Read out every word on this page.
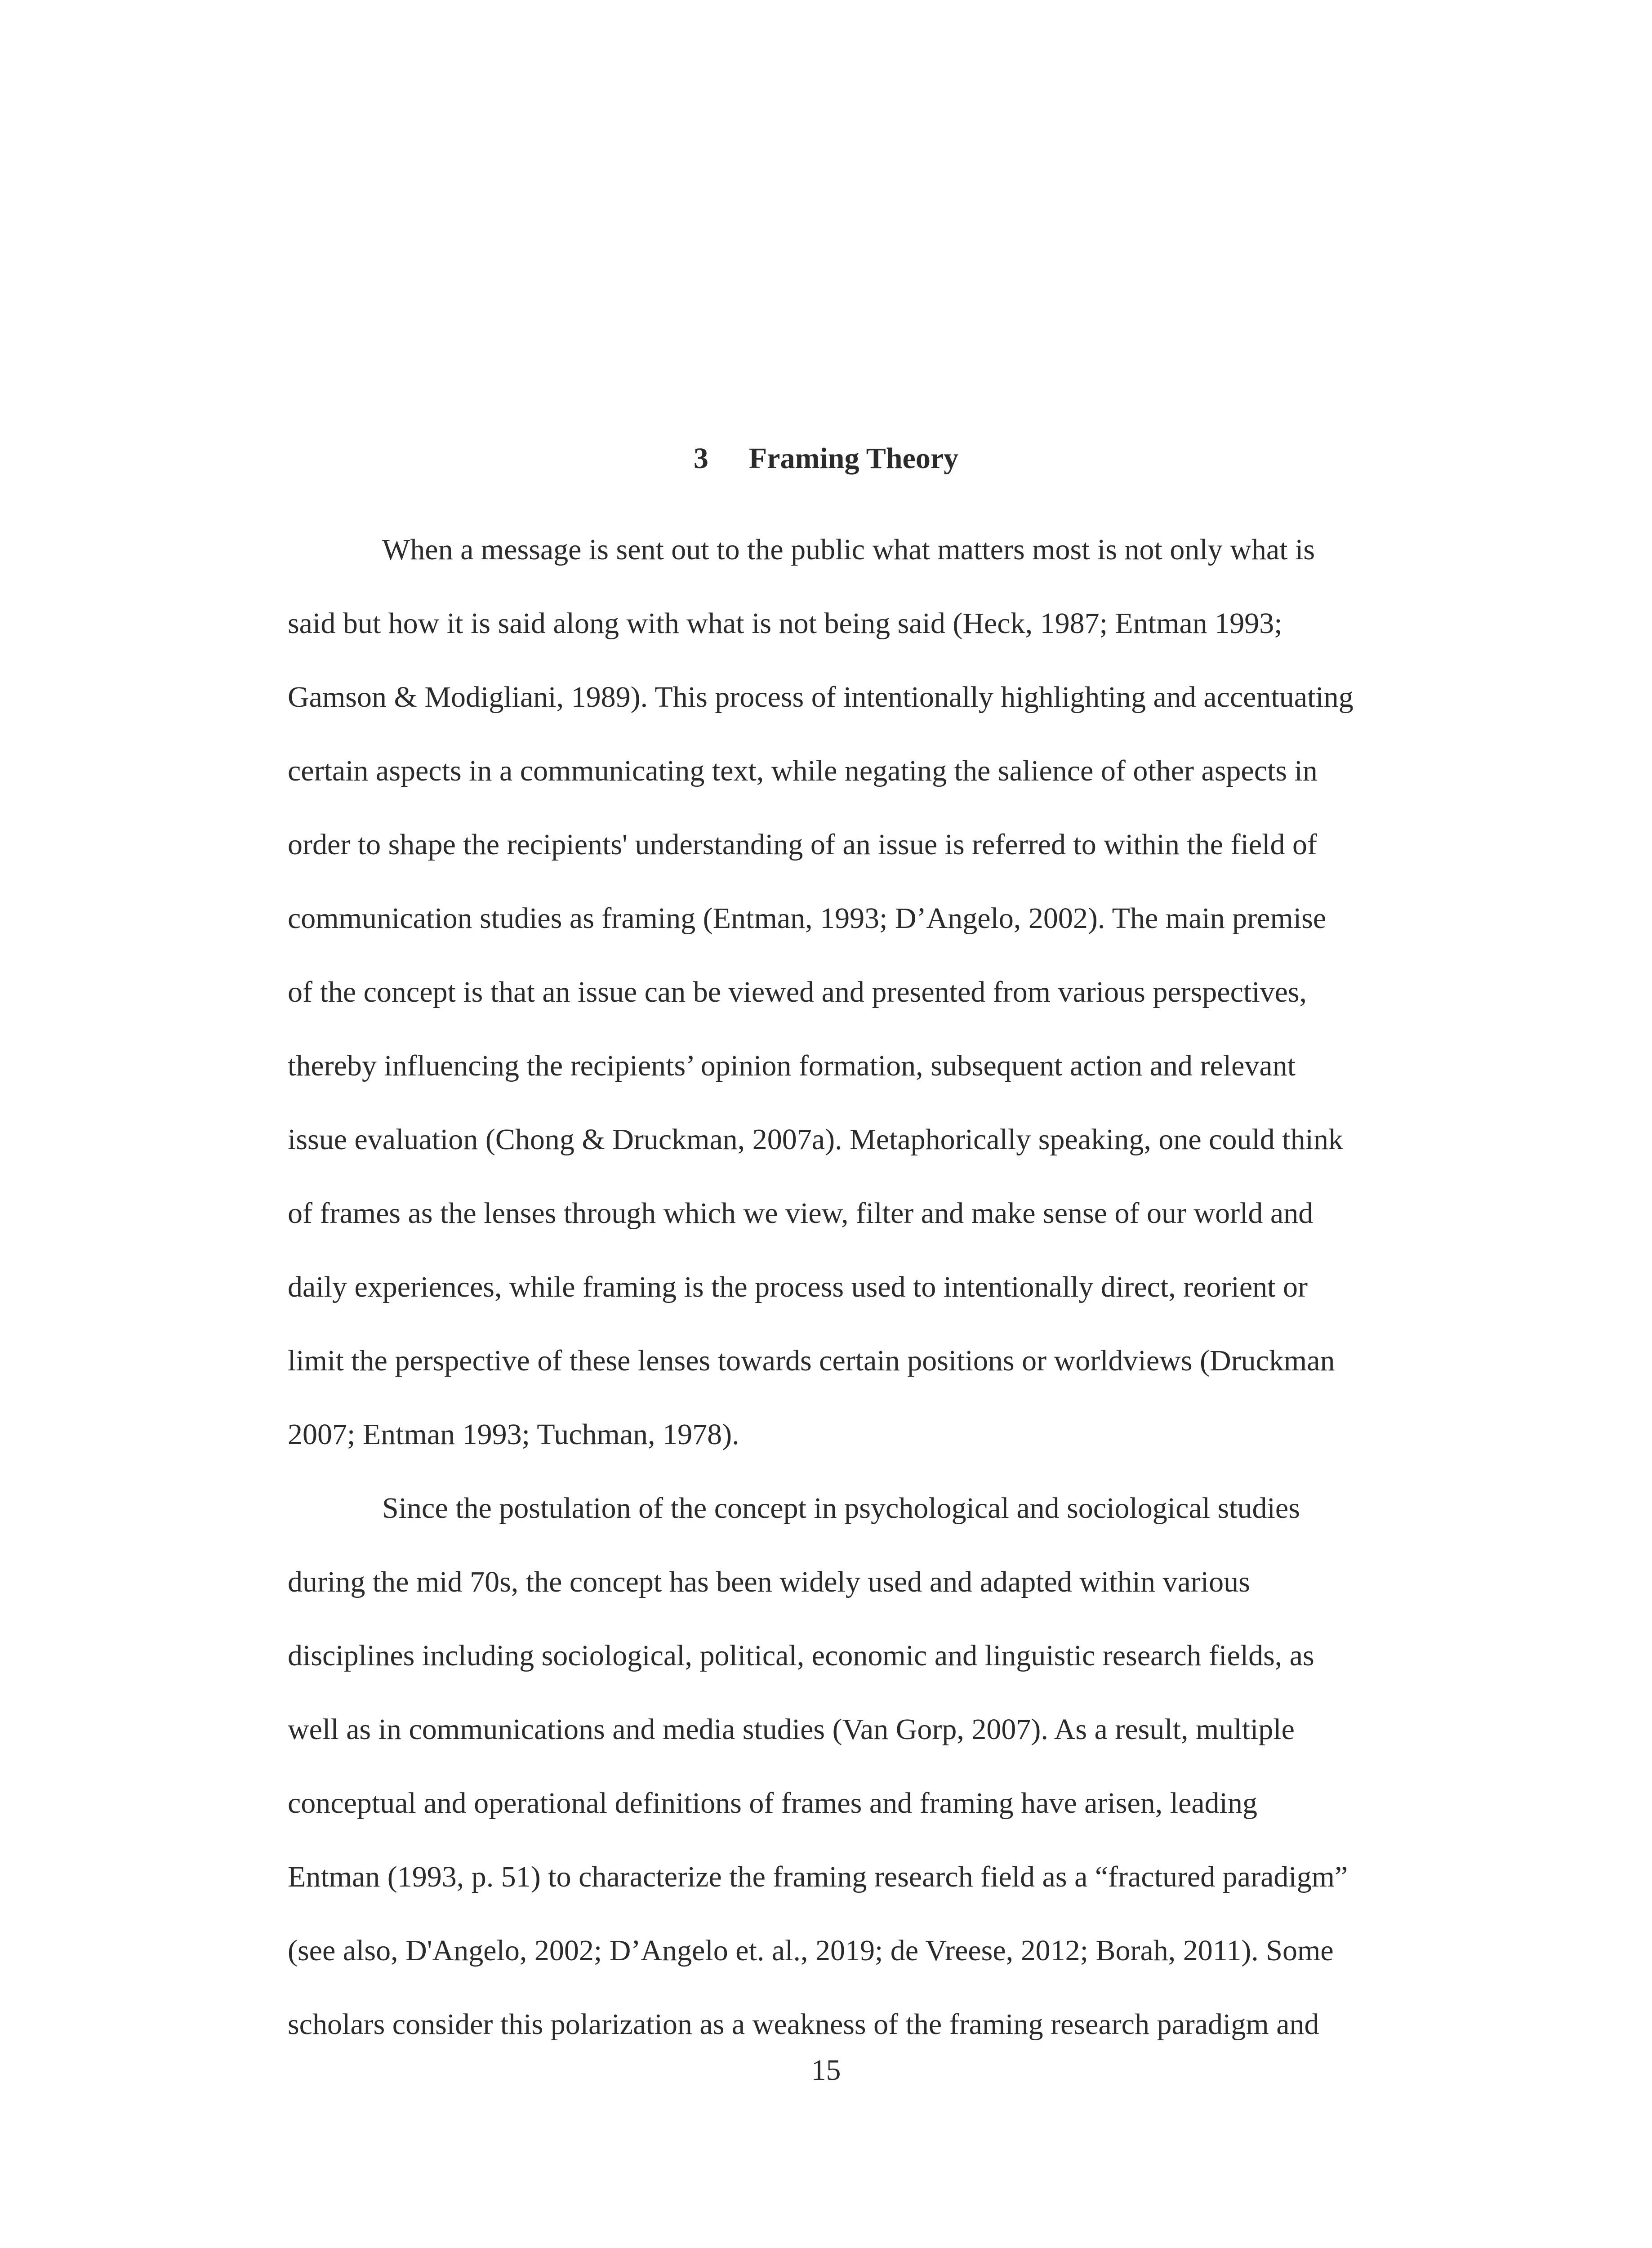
3 Framing Theory
When a message is sent out to the public what matters most is not only what is
said but how it is said along with what is not being said (Heck, 1987; Entman 1993;
Gamson & Modigliani, 1989). This process of intentionally highlighting and accentuating
certain aspects in a communicating text, while negating the salience of other aspects in
order to shape the recipients' understanding of an issue is referred to within the field of
communication studies as framing (Entman, 1993; D’Angelo, 2002). The main premise
of the concept is that an issue can be viewed and presented from various perspectives,
thereby influencing the recipients’ opinion formation, subsequent action and relevant
issue evaluation (Chong & Druckman, 2007a). Metaphorically speaking, one could think
of frames as the lenses through which we view, filter and make sense of our world and
daily experiences, while framing is the process used to intentionally direct, reorient or
limit the perspective of these lenses towards certain positions or worldviews (Druckman
2007; Entman 1993; Tuchman, 1978).
Since the postulation of the concept in psychological and sociological studies
during the mid 70s, the concept has been widely used and adapted within various
disciplines including sociological, political, economic and linguistic research fields, as
well as in communications and media studies (Van Gorp, 2007). As a result, multiple
conceptual and operational definitions of frames and framing have arisen, leading
Entman (1993, p. 51) to characterize the framing research field as a “fractured paradigm”
(see also, D'Angelo, 2002; D’Angelo et. al., 2019; de Vreese, 2012; Borah, 2011). Some
scholars consider this polarization as a weakness of the framing research paradigm and
15
